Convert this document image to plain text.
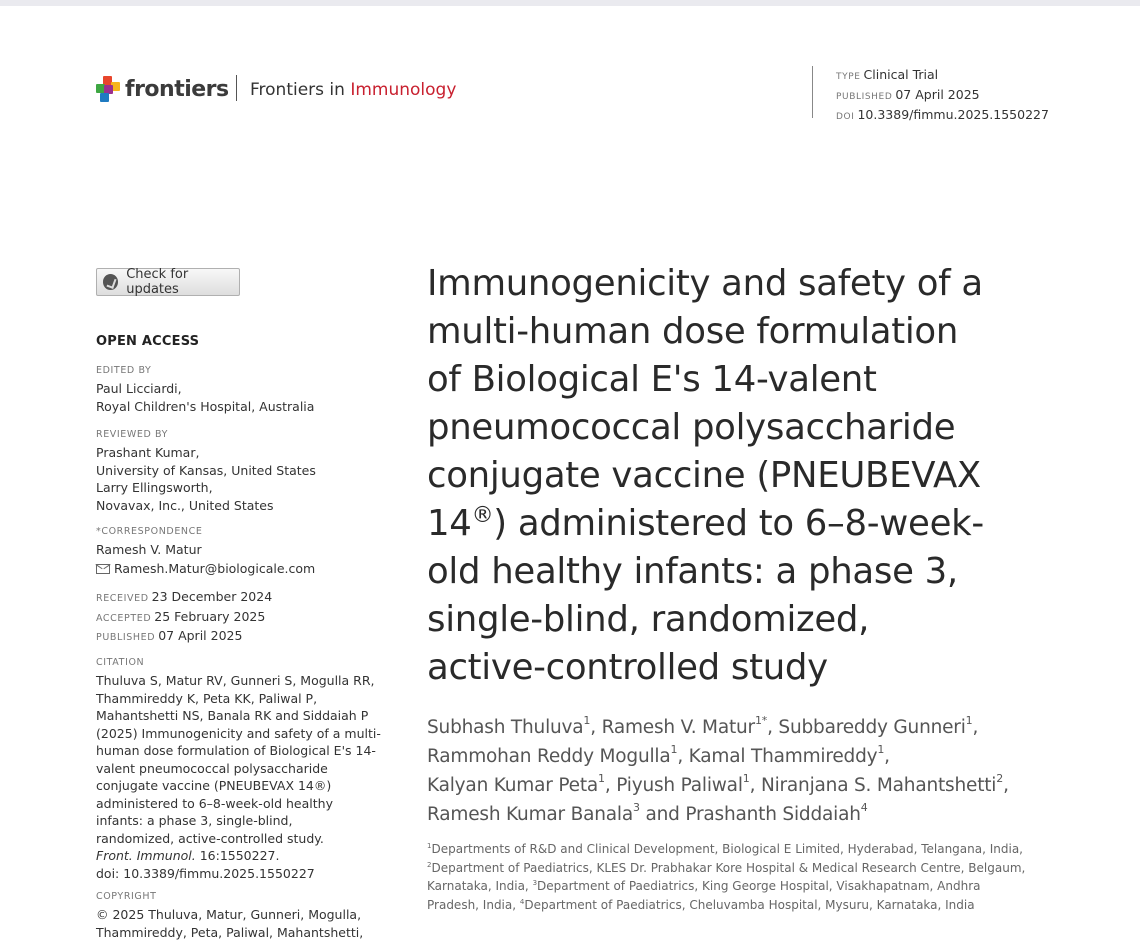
frontiers Frontiers in Immunology
TYPE Clinical Trial
PUBLISHED 07 April 2025
DOI 10.3389/fimmu.2025.1550227
Check for updates
OPEN ACCESS
EDITED BY
Paul Licciardi,
Royal Children's Hospital, Australia
REVIEWED BY
Prashant Kumar,
University of Kansas, United States
Larry Ellingsworth,
Novavax, Inc., United States
*CORRESPONDENCE
Ramesh V. Matur
Ramesh.Matur@biologicale.com
RECEIVED 23 December 2024
ACCEPTED 25 February 2025
PUBLISHED 07 April 2025
CITATION
Thuluva S, Matur RV, Gunneri S, Mogulla RR,
Thammireddy K, Peta KK, Paliwal P,
Mahantshetti NS, Banala RK and Siddaiah P
(2025) Immunogenicity and safety of a multi-
human dose formulation of Biological E's 14-
valent pneumococcal polysaccharide
conjugate vaccine (PNEUBEVAX 14®)
administered to 6–8-week-old healthy
infants: a phase 3, single-blind,
randomized, active-controlled study.
Front. Immunol. 16:1550227.
doi: 10.3389/fimmu.2025.1550227
COPYRIGHT
© 2025 Thuluva, Matur, Gunneri, Mogulla,
Thammireddy, Peta, Paliwal, Mahantshetti,
Immunogenicity and safety of a
multi-human dose formulation
of Biological E's 14-valent
pneumococcal polysaccharide
conjugate vaccine (PNEUBEVAX
14®) administered to 6–8-week-
old healthy infants: a phase 3,
single-blind, randomized,
active-controlled study
Subhash Thuluva$^1$, Ramesh V. Matur$^{1*}$, Subbareddy Gunneri$^1$,
Rammohan Reddy Mogulla$^1$, Kamal Thammireddy$^1$,
Kalyan Kumar Peta$^1$, Piyush Paliwal$^1$, Niranjana S. Mahantshetti$^2$,
Ramesh Kumar Banala$^3$ and Prashanth Siddaiah$^4$
$^1$Departments of R&D and Clinical Development, Biological E Limited, Hyderabad, Telangana, India,
$^2$Department of Paediatrics, KLES Dr. Prabhakar Kore Hospital & Medical Research Centre, Belgaum,
Karnataka, India, $^3$Department of Paediatrics, King George Hospital, Visakhapatnam, Andhra
Pradesh, India, $^4$Department of Paediatrics, Cheluvamba Hospital, Mysuru, Karnataka, India
